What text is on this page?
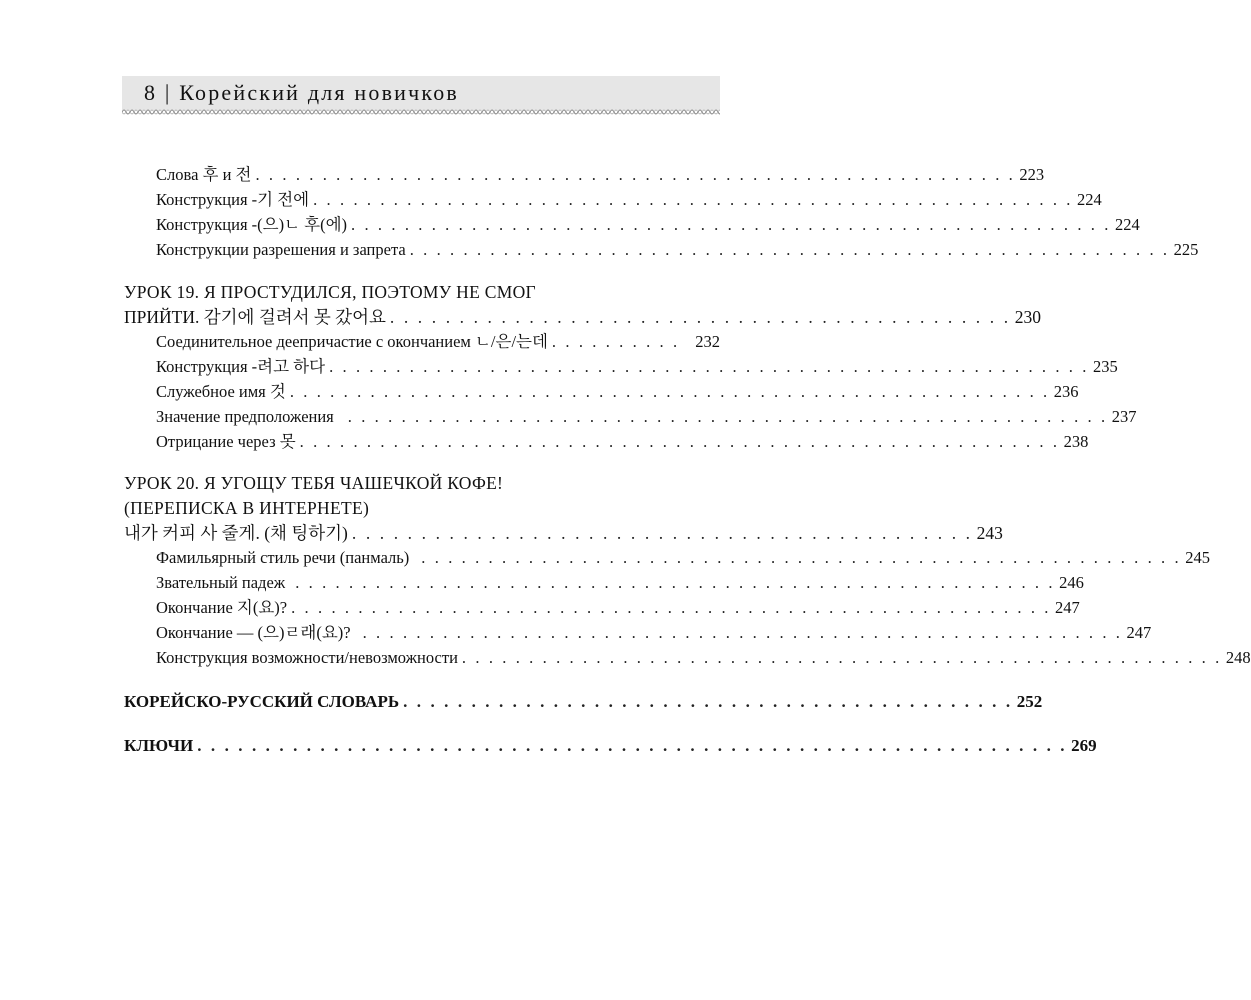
8 | Корейский для новичков
Слова 후 и 전 . . . . . . . . . . . . . . . . . . . . . . . . . . . . . . . . . . . . . . . . . . . . . . . . . . . . . . . . . 223
Конструкция -기 전에 . . . . . . . . . . . . . . . . . . . . . . . . . . . . . . . . . . . . . . . . . . . . . . . . . . . . . . . . . 224
Конструкция -(으)ㄴ 후(에) . . . . . . . . . . . . . . . . . . . . . . . . . . . . . . . . . . . . . . . . . . . . . . . . . . . . . . . . . 224
Конструкции разрешения и запрета . . . . . . . . . . . . . . . . . . . . . . . . . . . . . . . . . . . . . . . . . . . . . . . . . . . . . . . . . 225
УРОК 19. Я ПРОСТУДИЛСЯ, ПОЭТОМУ НЕ СМОГ
ПРИЙТИ. 감기에 걸려서 못 갔어요 . . . . . . . . . . . . . . . . . . . . . . . . . . . . . . . . . . . . . . . . . . . . . 230
Соединительное деепричастие с окончанием ㄴ/은/는데 . . . . . . . . . . 232
Конструкция -려고 하다 . . . . . . . . . . . . . . . . . . . . . . . . . . . . . . . . . . . . . . . . . . . . . . . . . . . . . . . . . 235
Служебное имя 것 . . . . . . . . . . . . . . . . . . . . . . . . . . . . . . . . . . . . . . . . . . . . . . . . . . . . . . . . . 236
Значение предположения . . . . . . . . . . . . . . . . . . . . . . . . . . . . . . . . . . . . . . . . . . . . . . . . . . . . . . . . . 237
Отрицание через 못 . . . . . . . . . . . . . . . . . . . . . . . . . . . . . . . . . . . . . . . . . . . . . . . . . . . . . . . . . 238
УРОК 20. Я УГОЩУ ТЕБЯ ЧАШЕЧКОЙ КОФЕ!
(ПЕРЕПИСКА В ИНТЕРНЕТЕ)
내가 커피 사 줄게. (채 팅하기) . . . . . . . . . . . . . . . . . . . . . . . . . . . . . . . . . . . . . . . . . . . . . 243
Фамильярный стиль речи (панмаль) . . . . . . . . . . . . . . . . . . . . . . . . . . . . . . . . . . . . . . . . . . . . . . . . . . . . . . . . . 245
Звательный падеж . . . . . . . . . . . . . . . . . . . . . . . . . . . . . . . . . . . . . . . . . . . . . . . . . . . . . . . . . 246
Окончание 지(요)? . . . . . . . . . . . . . . . . . . . . . . . . . . . . . . . . . . . . . . . . . . . . . . . . . . . . . . . . . 247
Окончание — (으)ㄹ래(요)? . . . . . . . . . . . . . . . . . . . . . . . . . . . . . . . . . . . . . . . . . . . . . . . . . . . . . . . . . 247
Конструкция возможности/невозможности . . . . . . . . . . . . . . . . . . . . . . . . . . . . . . . . . . . . . . . . . . . . . . . . . . . . . . . . . 248
КОРЕЙСКО-РУССКИЙ СЛОВАРЬ . . . . . . . . . . . . . . . . . . . . . . . . . . . . . . . . . . . . . . . . . . . . . 252
КЛЮЧИ . . . . . . . . . . . . . . . . . . . . . . . . . . . . . . . . . . . . . . . . . . . . . . . . . . . . . . . . . . . . . . . . 269
